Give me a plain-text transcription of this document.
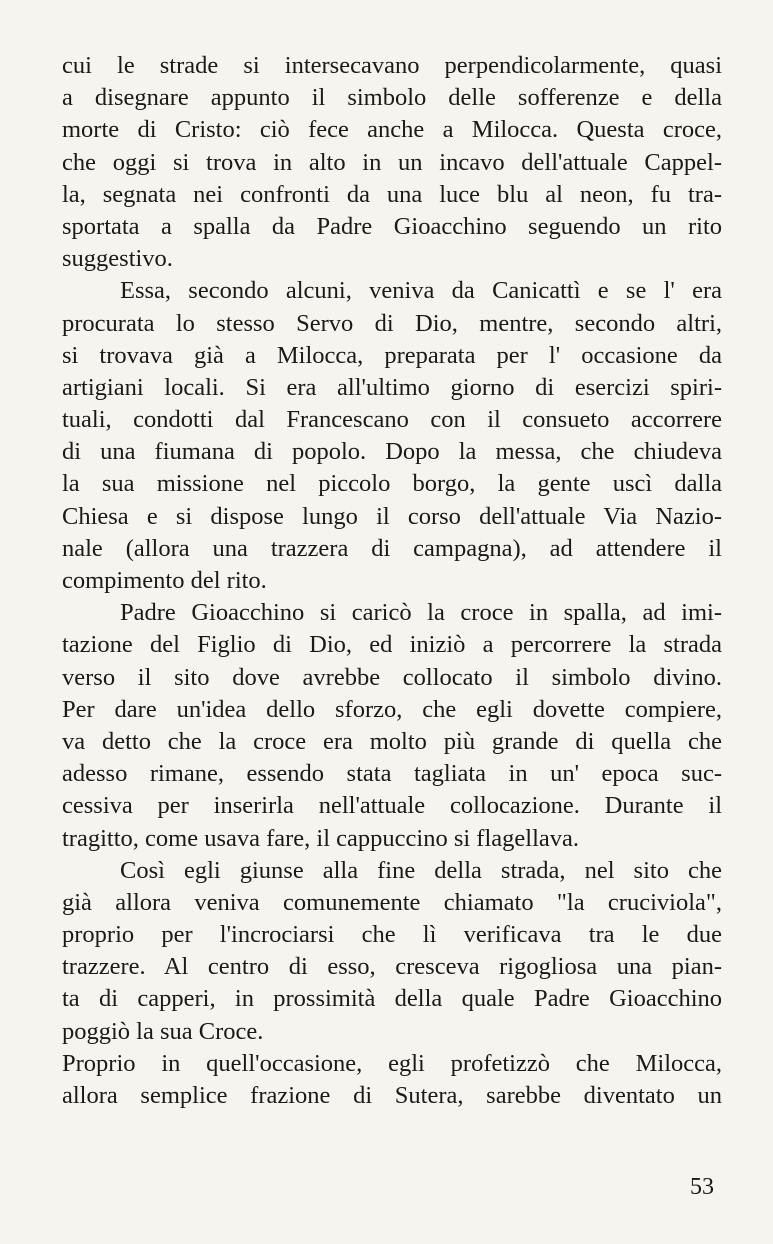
cui le strade si intersecavano perpendicolarmente, quasi
a disegnare appunto il simbolo delle sofferenze e della
morte di Cristo: ciò fece anche a Milocca. Questa croce,
che oggi si trova in alto in un incavo dell'attuale Cappel-
la, segnata nei confronti da una luce blu al neon, fu tra-
sportata a spalla da Padre Gioacchino seguendo un rito
suggestivo.
Essa, secondo alcuni, veniva da Canicattì e se l' era
procurata lo stesso Servo di Dio, mentre, secondo altri,
si trovava già a Milocca, preparata per l' occasione da
artigiani locali. Si era all'ultimo giorno di esercizi spiri-
tuali, condotti dal Francescano con il consueto accorrere
di una fiumana di popolo. Dopo la messa, che chiudeva
la sua missione nel piccolo borgo, la gente uscì dalla
Chiesa e si dispose lungo il corso dell'attuale Via Nazio-
nale (allora una trazzera di campagna), ad attendere il
compimento del rito.
Padre Gioacchino si caricò la croce in spalla, ad imi-
tazione del Figlio di Dio, ed iniziò a percorrere la strada
verso il sito dove avrebbe collocato il simbolo divino.
Per dare un'idea dello sforzo, che egli dovette compiere,
va detto che la croce era molto più grande di quella che
adesso rimane, essendo stata tagliata in un' epoca suc-
cessiva per inserirla nell'attuale collocazione. Durante il
tragitto, come usava fare, il cappuccino si flagellava.
Così egli giunse alla fine della strada, nel sito che
già allora veniva comunemente chiamato "la cruciviola",
proprio per l'incrociarsi che lì verificava tra le due
trazzere. Al centro di esso, cresceva rigogliosa una pian-
ta di capperi, in prossimità della quale Padre Gioacchino
poggiò la sua Croce.
Proprio in quell'occasione, egli profetizzò che Milocca,
allora semplice frazione di Sutera, sarebbe diventato un
53
